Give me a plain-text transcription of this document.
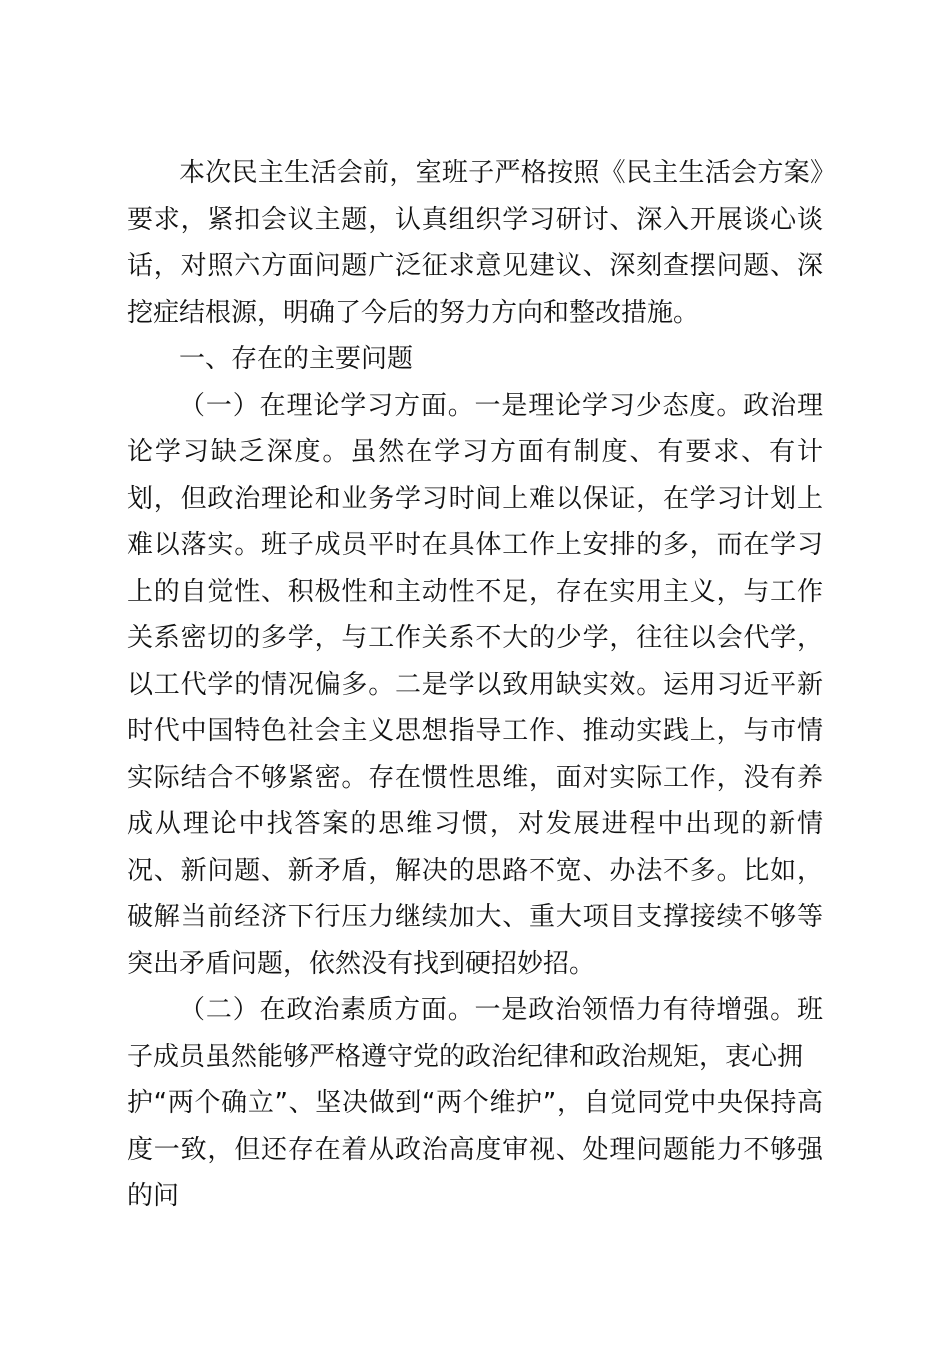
本次民主生活会前，室班子严格按照《民主生活会方案》要求，紧扣会议主题，认真组织学习研讨、深入开展谈心谈话，对照六方面问题广泛征求意见建议、深刻查摆问题、深挖症结根源，明确了今后的努力方向和整改措施。

一、存在的主要问题

（一）在理论学习方面。一是理论学习少态度。政治理论学习缺乏深度。虽然在学习方面有制度、有要求、有计划，但政治理论和业务学习时间上难以保证，在学习计划上难以落实。班子成员平时在具体工作上安排的多，而在学习上的自觉性、积极性和主动性不足，存在实用主义，与工作关系密切的多学，与工作关系不大的少学，往往以会代学，以工代学的情况偏多。二是学以致用缺实效。运用习近平新时代中国特色社会主义思想指导工作、推动实践上，与市情实际结合不够紧密。存在惯性思维，面对实际工作，没有养成从理论中找答案的思维习惯，对发展进程中出现的新情况、新问题、新矛盾，解决的思路不宽、办法不多。比如，破解当前经济下行压力继续加大、重大项目支撑接续不够等突出矛盾问题，依然没有找到硬招妙招。

（二）在政治素质方面。一是政治领悟力有待增强。班子成员虽然能够严格遵守党的政治纪律和政治规矩，衷心拥
护“两个确立”、坚决做到“两个维护”，自觉同党中央保持高度一致，但还存在着从政治高度审视、处理问题能力不够强的问
